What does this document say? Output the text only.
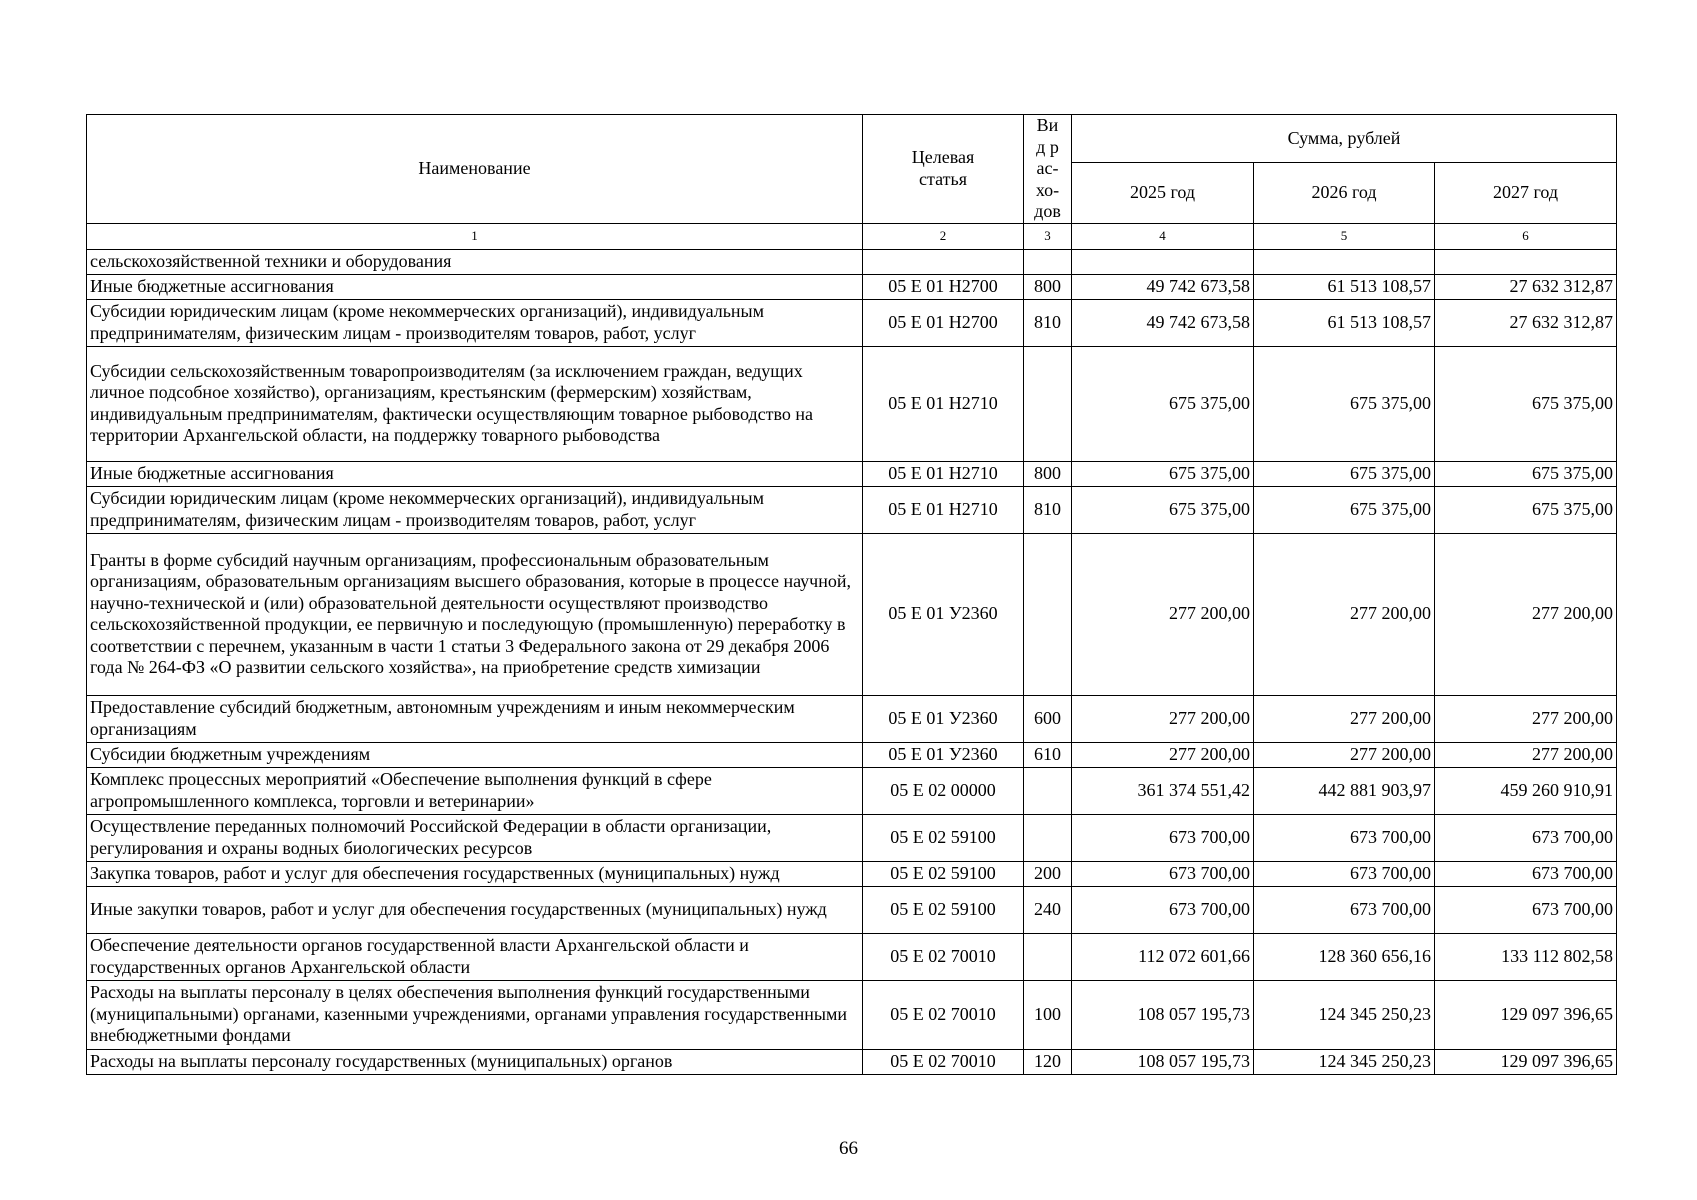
Наименование	Целевая статья	Вид рас-хо-дов	Сумма, рублей		
			2025 год	2026 год	2027 год
1	2	3	4	5	6
сельскохозяйственной техники и оборудования					
Иные бюджетные ассигнования	05 Е 01 Н2700	800	49 742 673,58	61 513 108,57	27 632 312,87
Субсидии юридическим лицам (кроме некоммерческих организаций), индивидуальным предпринимателям, физическим лицам - производителям товаров, работ, услуг	05 Е 01 Н2700	810	49 742 673,58	61 513 108,57	27 632 312,87
Субсидии сельскохозяйственным товаропроизводителям (за исключением граждан, ведущих личное подсобное хозяйство), организациям, крестьянским (фермерским) хозяйствам, индивидуальным предпринимателям, фактически осуществляющим товарное рыбоводство на территории Архангельской области, на поддержку товарного рыбоводства	05 Е 01 Н2710		675 375,00	675 375,00	675 375,00
Иные бюджетные ассигнования	05 Е 01 Н2710	800	675 375,00	675 375,00	675 375,00
Субсидии юридическим лицам (кроме некоммерческих организаций), индивидуальным предпринимателям, физическим лицам - производителям товаров, работ, услуг	05 Е 01 Н2710	810	675 375,00	675 375,00	675 375,00
Гранты в форме субсидий научным организациям, профессиональным образовательным организациям, образовательным организациям высшего образования, которые в процессе научной, научно-технической и (или) образовательной деятельности осуществляют производство сельскохозяйственной продукции, ее первичную и последующую (промышленную) переработку в соответствии с перечнем, указанным в части 1 статьи 3 Федерального закона от 29 декабря 2006 года № 264-ФЗ «О развитии сельского хозяйства», на приобретение средств химизации	05 Е 01 У2360		277 200,00	277 200,00	277 200,00
Предоставление субсидий бюджетным, автономным учреждениям и иным некоммерческим организациям	05 Е 01 У2360	600	277 200,00	277 200,00	277 200,00
Субсидии бюджетным учреждениям	05 Е 01 У2360	610	277 200,00	277 200,00	277 200,00
Комплекс процессных мероприятий «Обеспечение выполнения функций в сфере агропромышленного комплекса, торговли и ветеринарии»	05 Е 02 00000		361 374 551,42	442 881 903,97	459 260 910,91
Осуществление переданных полномочий Российской Федерации в области организации, регулирования и охраны водных биологических ресурсов	05 Е 02 59100		673 700,00	673 700,00	673 700,00
Закупка товаров, работ и услуг для обеспечения государственных (муниципальных) нужд	05 Е 02 59100	200	673 700,00	673 700,00	673 700,00
Иные закупки товаров, работ и услуг для обеспечения государственных (муниципальных) нужд	05 Е 02 59100	240	673 700,00	673 700,00	673 700,00
Обеспечение деятельности органов государственной власти Архангельской области и государственных органов Архангельской области	05 Е 02 70010		112 072 601,66	128 360 656,16	133 112 802,58
Расходы на выплаты персоналу в целях обеспечения выполнения функций государственными (муниципальными) органами, казенными учреждениями, органами управления государственными внебюджетными фондами	05 Е 02 70010	100	108 057 195,73	124 345 250,23	129 097 396,65
Расходы на выплаты персоналу государственных (муниципальных) органов	05 Е 02 70010	120	108 057 195,73	124 345 250,23	129 097 396,65
66
